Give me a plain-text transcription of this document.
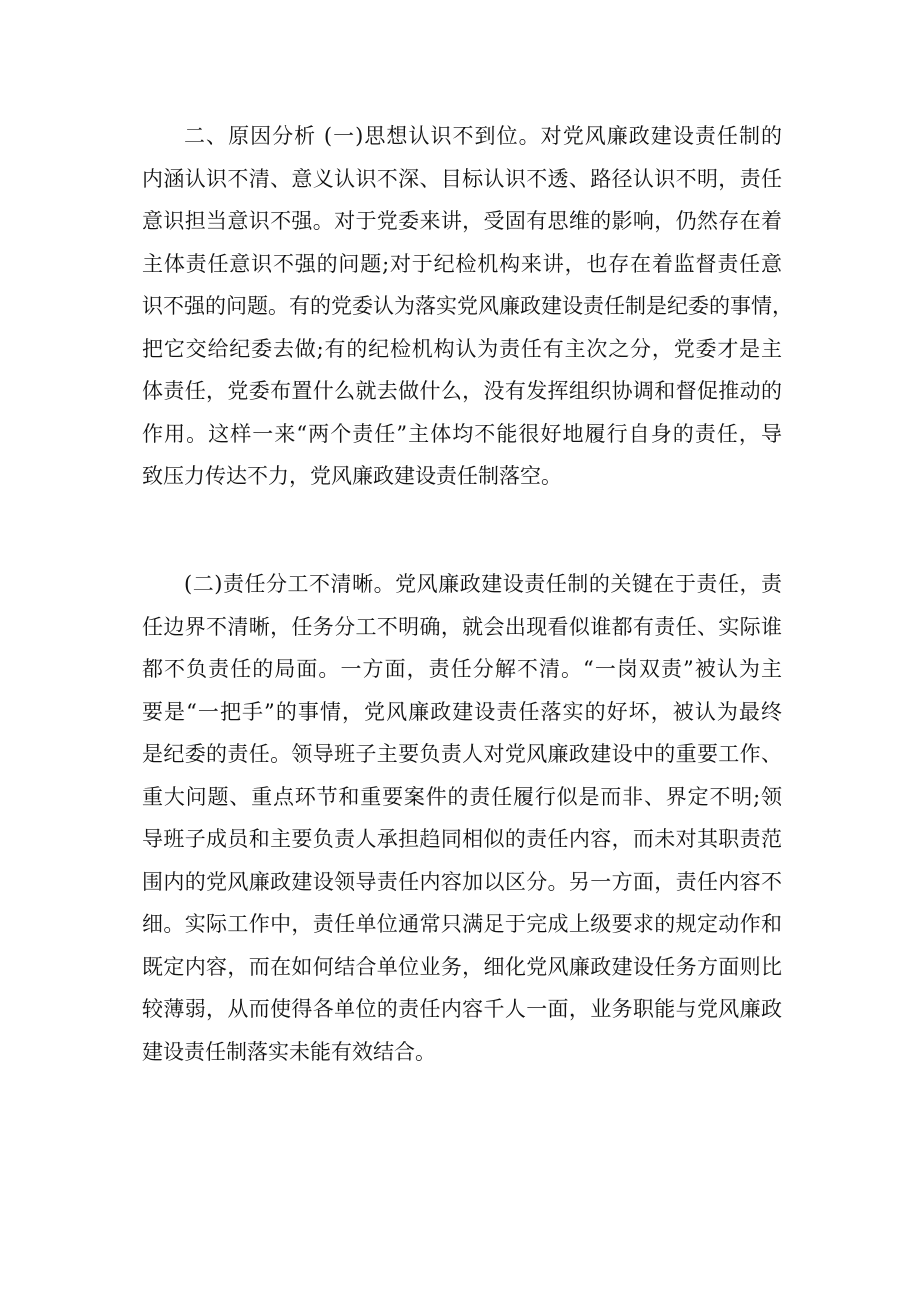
二、原因分析 (一)思想认识不到位。对党风廉政建设责任制的
内涵认识不清、意义认识不深、目标认识不透、路径认识不明，责任
意识担当意识不强。对于党委来讲，受固有思维的影响，仍然存在着
主体责任意识不强的问题;对于纪检机构来讲，也存在着监督责任意
识不强的问题。有的党委认为落实党风廉政建设责任制是纪委的事情，
把它交给纪委去做;有的纪检机构认为责任有主次之分，党委才是主
体责任，党委布置什么就去做什么，没有发挥组织协调和督促推动的
作用。这样一来“两个责任”主体均不能很好地履行自身的责任，导
致压力传达不力，党风廉政建设责任制落空。
(二)责任分工不清晰。党风廉政建设责任制的关键在于责任，责
任边界不清晰，任务分工不明确，就会出现看似谁都有责任、实际谁
都不负责任的局面。一方面，责任分解不清。“一岗双责”被认为主
要是“一把手”的事情，党风廉政建设责任落实的好坏，被认为最终
是纪委的责任。领导班子主要负责人对党风廉政建设中的重要工作、
重大问题、重点环节和重要案件的责任履行似是而非、界定不明;领
导班子成员和主要负责人承担趋同相似的责任内容，而未对其职责范
围内的党风廉政建设领导责任内容加以区分。另一方面，责任内容不
细。实际工作中，责任单位通常只满足于完成上级要求的规定动作和
既定内容，而在如何结合单位业务，细化党风廉政建设任务方面则比
较薄弱，从而使得各单位的责任内容千人一面，业务职能与党风廉政
建设责任制落实未能有效结合。
